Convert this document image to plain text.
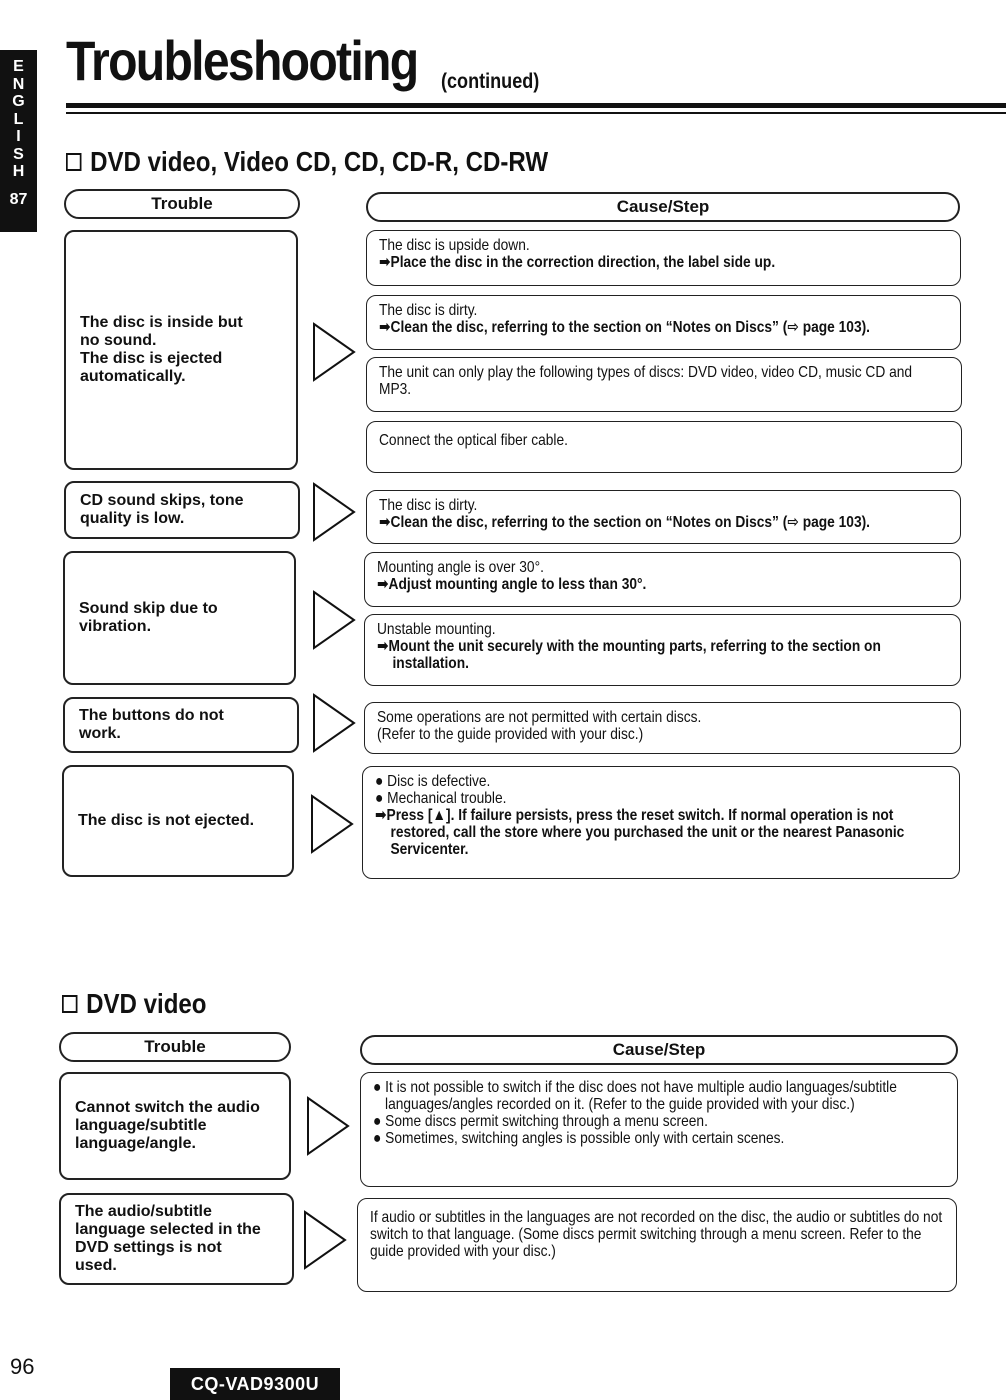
E
N
G
L
I
S
H
87
Troubleshooting (continued)
DVD video, Video CD, CD, CD-R, CD-RW
Trouble	Cause/Step
The disc is inside but
no sound.
The disc is ejected
automatically.
CD sound skips, tone
quality is low.
Sound skip due to
vibration.
The buttons do not
work.
The disc is not ejected.
The disc is upside down.
➡Place the disc in the correction direction, the label side up.
The disc is dirty.
➡Clean the disc, referring to the section on “Notes on Discs” (⇨ page 103).
The unit can only play the following types of discs: DVD video, video CD, music CD and MP3.
Connect the optical fiber cable.
The disc is dirty.
➡Clean the disc, referring to the section on “Notes on Discs” (⇨ page 103).
Mounting angle is over 30°.
➡Adjust mounting angle to less than 30°.
Unstable mounting.
➡Mount the unit securely with the mounting parts, referring to the section on installation.
Some operations are not permitted with certain discs.
(Refer to the guide provided with your disc.)
● Disc is defective.
● Mechanical trouble.
➡Press [▲]. If failure persists, press the reset switch. If normal operation is not restored, call the store where you purchased the unit or the nearest Panasonic Servicenter.
DVD video
Trouble	Cause/Step
Cannot switch the audio
language/subtitle
language/angle.
The audio/subtitle
language selected in the
DVD settings is not
used.
● It is not possible to switch if the disc does not have multiple audio languages/subtitle languages/angles recorded on it. (Refer to the guide provided with your disc.)
● Some discs permit switching through a menu screen.
● Sometimes, switching angles is possible only with certain scenes.
If audio or subtitles in the languages are not recorded on the disc, the audio or subtitles do not switch to that language. (Some discs permit switching through a menu screen. Refer to the guide provided with your disc.)
96
CQ-VAD9300U
